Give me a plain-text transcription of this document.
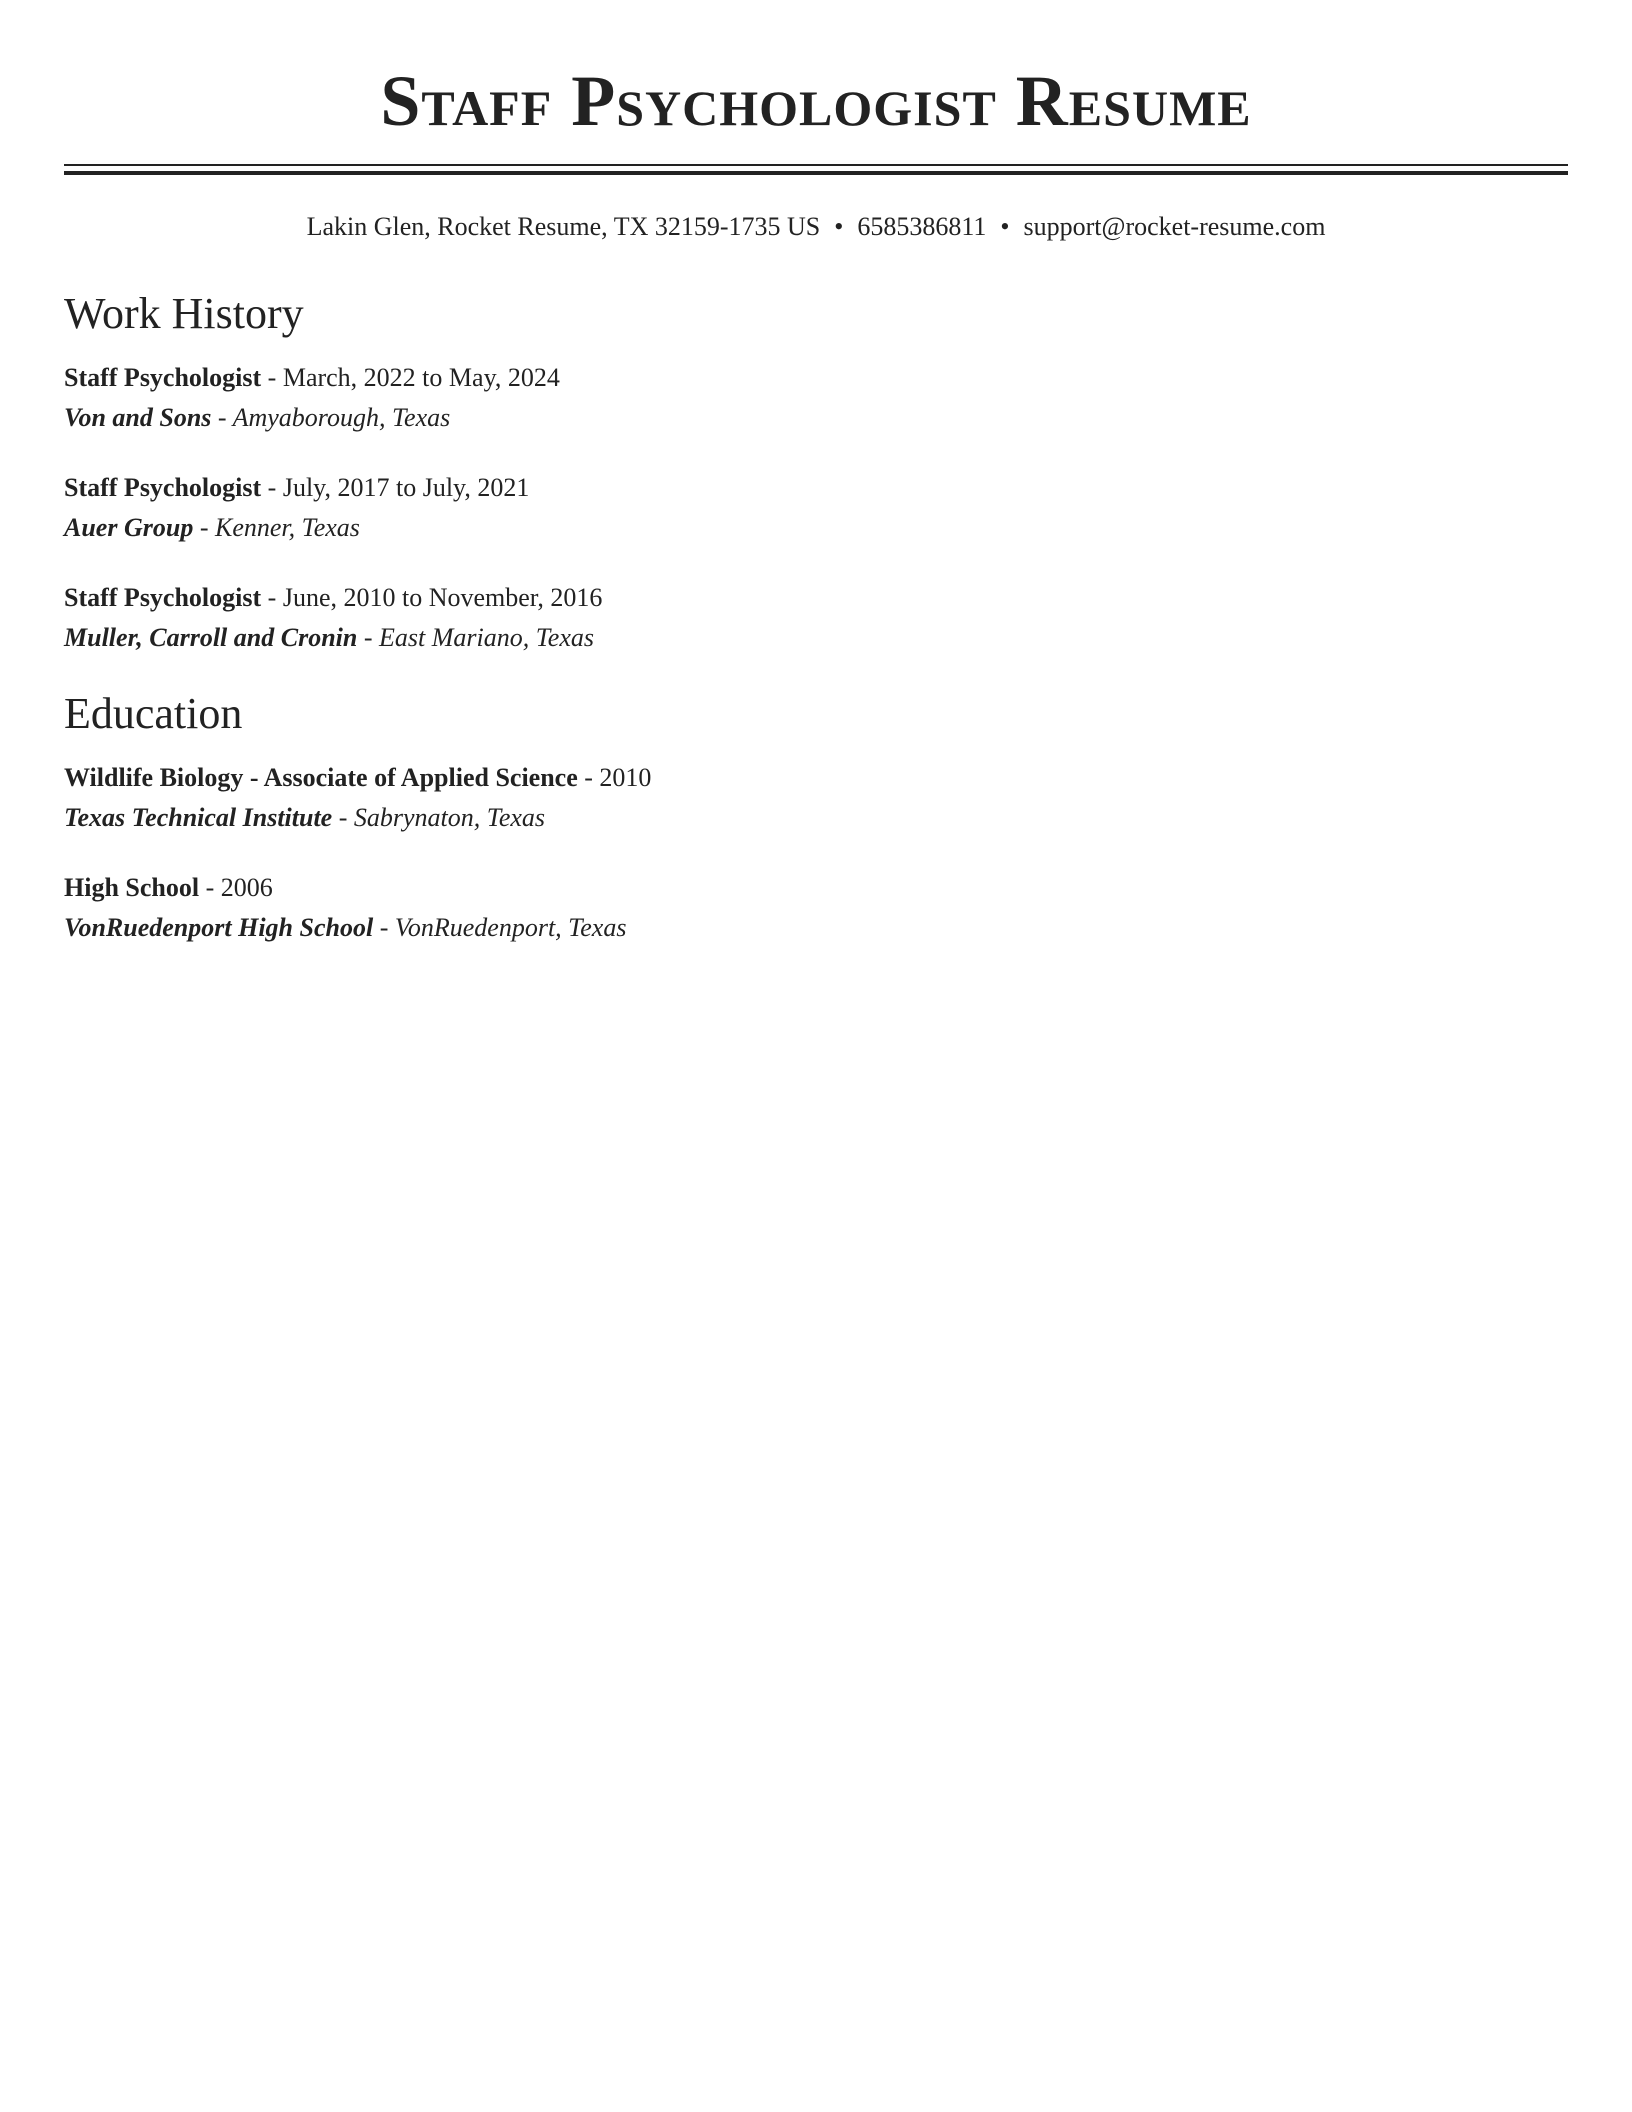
Staff Psychologist Resume
Lakin Glen, Rocket Resume, TX 32159-1735 US • 6585386811 • support@rocket-resume.com
Work History
Staff Psychologist - March, 2022 to May, 2024
Von and Sons - Amyaborough, Texas
Staff Psychologist - July, 2017 to July, 2021
Auer Group - Kenner, Texas
Staff Psychologist - June, 2010 to November, 2016
Muller, Carroll and Cronin - East Mariano, Texas
Education
Wildlife Biology - Associate of Applied Science - 2010
Texas Technical Institute - Sabrynaton, Texas
High School - 2006
VonRuedenport High School - VonRuedenport, Texas
